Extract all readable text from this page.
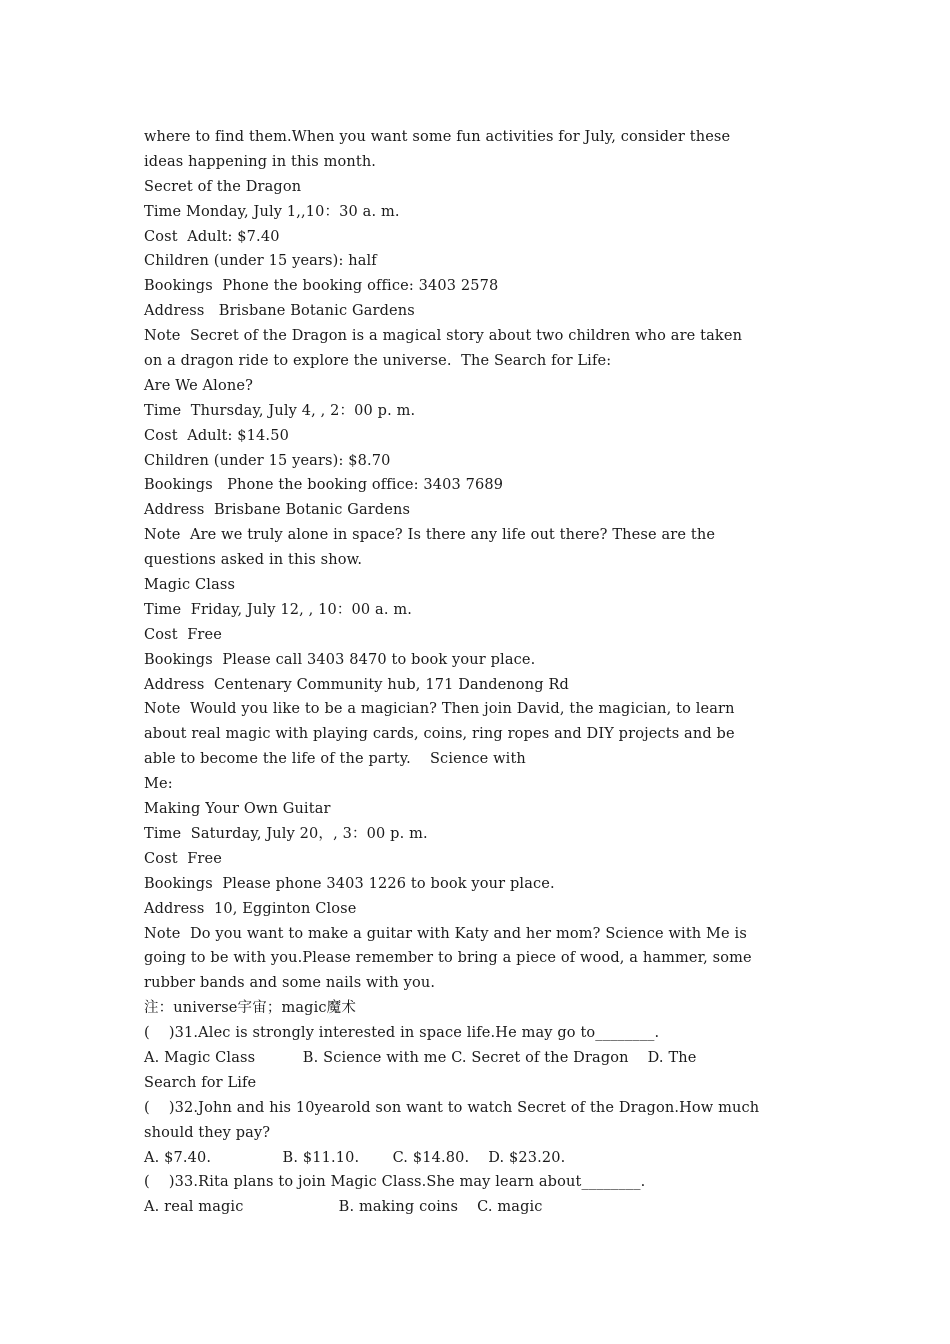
where to find them.When you want some fun activities for July, consider these
ideas happening in this month.
Secret of the Dragon
Time Monday, July 1,,10：30 a. m.
Cost  Adult: $7.40
Children (under 15 years): half
Bookings  Phone the booking office: 3403 2578
Address   Brisbane Botanic Gardens
Note  Secret of the Dragon is a magical story about two children who are taken
on a dragon ride to explore the universe.  The Search for Life:
Are We Alone?
Time  Thursday, July 4, , 2：00 p. m.
Cost  Adult: $14.50
Children (under 15 years): $8.70
Bookings   Phone the booking office: 3403 7689
Address  Brisbane Botanic Gardens
Note  Are we truly alone in space? Is there any life out there? These are the
questions asked in this show.
Magic Class
Time  Friday, July 12, , 10：00 a. m.
Cost  Free
Bookings  Please call 3403 8470 to book your place.
Address  Centenary Community hub, 171 Dandenong Rd
Note  Would you like to be a magician? Then join David, the magician, to learn
about real magic with playing cards, coins, ring ropes and DIY projects and be
able to become the life of the party.    Science with
Me:
Making Your Own Guitar
Time  Saturday, July 20，, 3：00 p. m.
Cost  Free
Bookings  Please phone 3403 1226 to book your place.
Address  10, Egginton Close
Note  Do you want to make a guitar with Katy and her mom? Science with Me is
going to be with you.Please remember to bring a piece of wood, a hammer, some
rubber bands and some nails with you.
注：universe宇宙；magic魔术
(    )31.Alec is strongly interested in space life.He may go to________.
A. Magic Class          B. Science with me C. Secret of the Dragon    D. The
Search for Life
(    )32.John and his 10yearold son want to watch Secret of the Dragon.How much
should they pay?
A. $7.40.               B. $11.10.       C. $14.80.    D. $23.20.
(    )33.Rita plans to join Magic Class.She may learn about________.
A. real magic                    B. making coins    C. magic
